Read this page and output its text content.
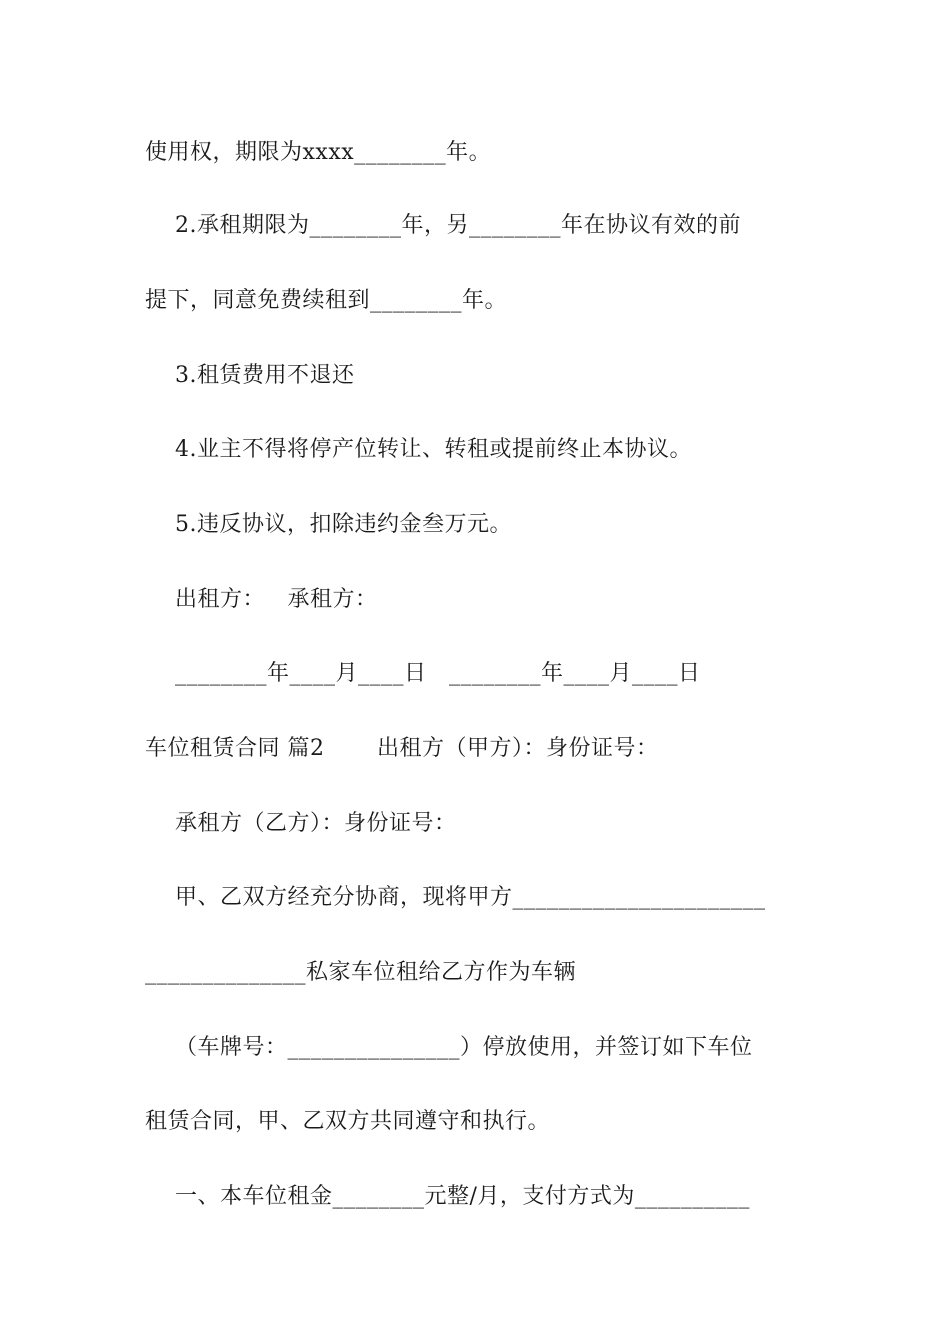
使用权，期限为xxxx________年。
2.承租期限为________年，另________年在协议有效的前
提下，同意免费续租到________年。
3.租赁费用不退还
4.业主不得将停产位转让、转租或提前终止本协议。
5.违反协议，扣除违约金叁万元。
出租方：   承租方：
________年____月____日   ________年____月____日
车位租赁合同 篇2       出租方（甲方）：身份证号：
承租方（乙方）：身份证号：
甲、乙双方经充分协商，现将甲方______________________
______________私家车位租给乙方作为车辆
（车牌号：_______________）停放使用，并签订如下车位
租赁合同，甲、乙双方共同遵守和执行。
一、本车位租金________元整/月，支付方式为__________
